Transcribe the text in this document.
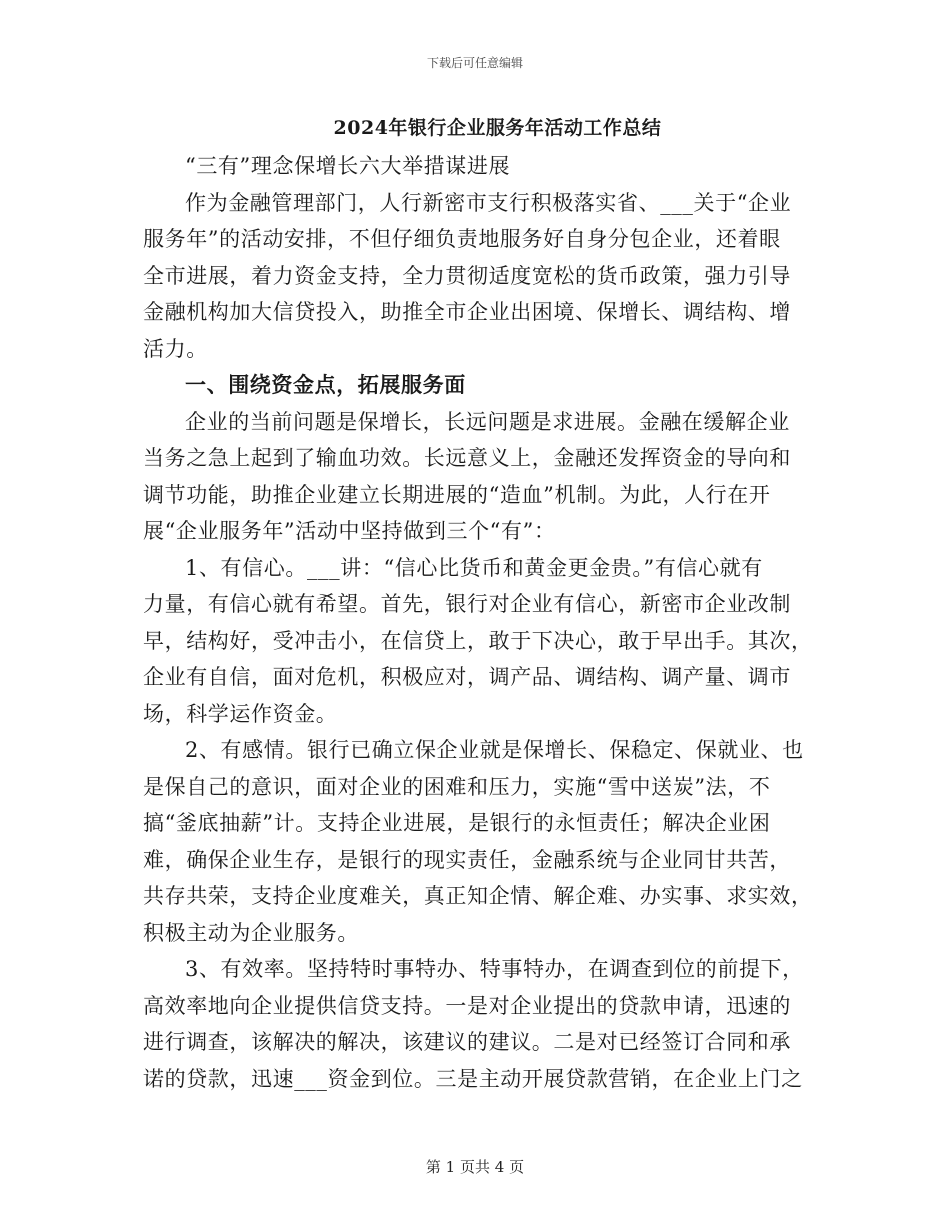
下载后可任意编辑
2024年银行企业服务年活动工作总结
“三有”理念保增长六大举措谋进展
作为金融管理部门，人行新密市支行积极落实省、___关于“企业
服务年”的活动安排，不但仔细负责地服务好自身分包企业，还着眼
全市进展，着力资金支持，全力贯彻适度宽松的货币政策，强力引导
金融机构加大信贷投入，助推全市企业出困境、保增长、调结构、增
活力。
一、围绕资金点，拓展服务面
企业的当前问题是保增长，长远问题是求进展。金融在缓解企业
当务之急上起到了输血功效。长远意义上，金融还发挥资金的导向和
调节功能，助推企业建立长期进展的“造血”机制。为此，人行在开
展“企业服务年”活动中坚持做到三个“有”：
1、有信心。___讲：“信心比货币和黄金更金贵。”有信心就有
力量，有信心就有希望。首先，银行对企业有信心，新密市企业改制
早，结构好，受冲击小，在信贷上，敢于下决心，敢于早出手。其次，
企业有自信，面对危机，积极应对，调产品、调结构、调产量、调市
场，科学运作资金。
2、有感情。银行已确立保企业就是保增长、保稳定、保就业、也
是保自己的意识，面对企业的困难和压力，实施“雪中送炭”法，不
搞“釜底抽薪”计。支持企业进展，是银行的永恒责任；解决企业困
难，确保企业生存，是银行的现实责任，金融系统与企业同甘共苦，
共存共荣，支持企业度难关，真正知企情、解企难、办实事、求实效，
积极主动为企业服务。
3、有效率。坚持特时事特办、特事特办，在调查到位的前提下，
高效率地向企业提供信贷支持。一是对企业提出的贷款申请，迅速的
进行调查，该解决的解决，该建议的建议。二是对已经签订合同和承
诺的贷款，迅速___资金到位。三是主动开展贷款营销，在企业上门之
第 1 页共 4 页
